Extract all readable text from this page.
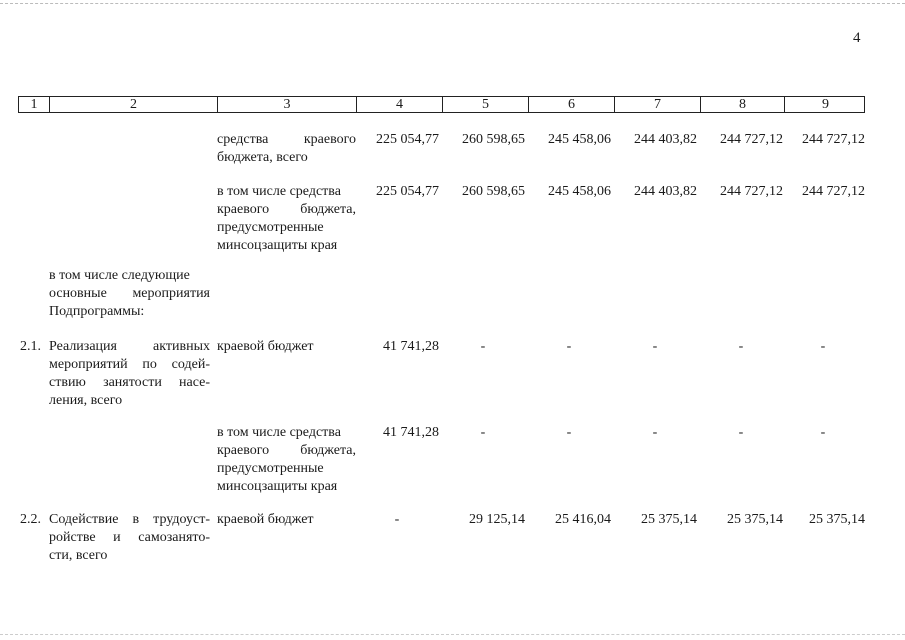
4
1	2	3	4	5	6	7	8	9
средства краевого
бюджета, всего
225 054,77	260 598,65	245 458,06	244 403,82	244 727,12	244 727,12
в том числе средства
краевого бюджета,
предусмотренные
минсоцзащиты края
225 054,77	260 598,65	245 458,06	244 403,82	244 727,12	244 727,12
в том числе следующие
основные мероприятия
Подпрограммы:
2.1. Реализация активных
мероприятий по содей-
ствию занятости насе-
ления, всего
краевой бюджет	41 741,28	-	-	-	-	-
в том числе средства
краевого бюджета,
предусмотренные
минсоцзащиты края
41 741,28	-	-	-	-	-
2.2. Содействие в трудоуст-
ройстве и самозанято-
сти, всего
краевой бюджет	-	29 125,14	25 416,04	25 375,14	25 375,14	25 375,14
